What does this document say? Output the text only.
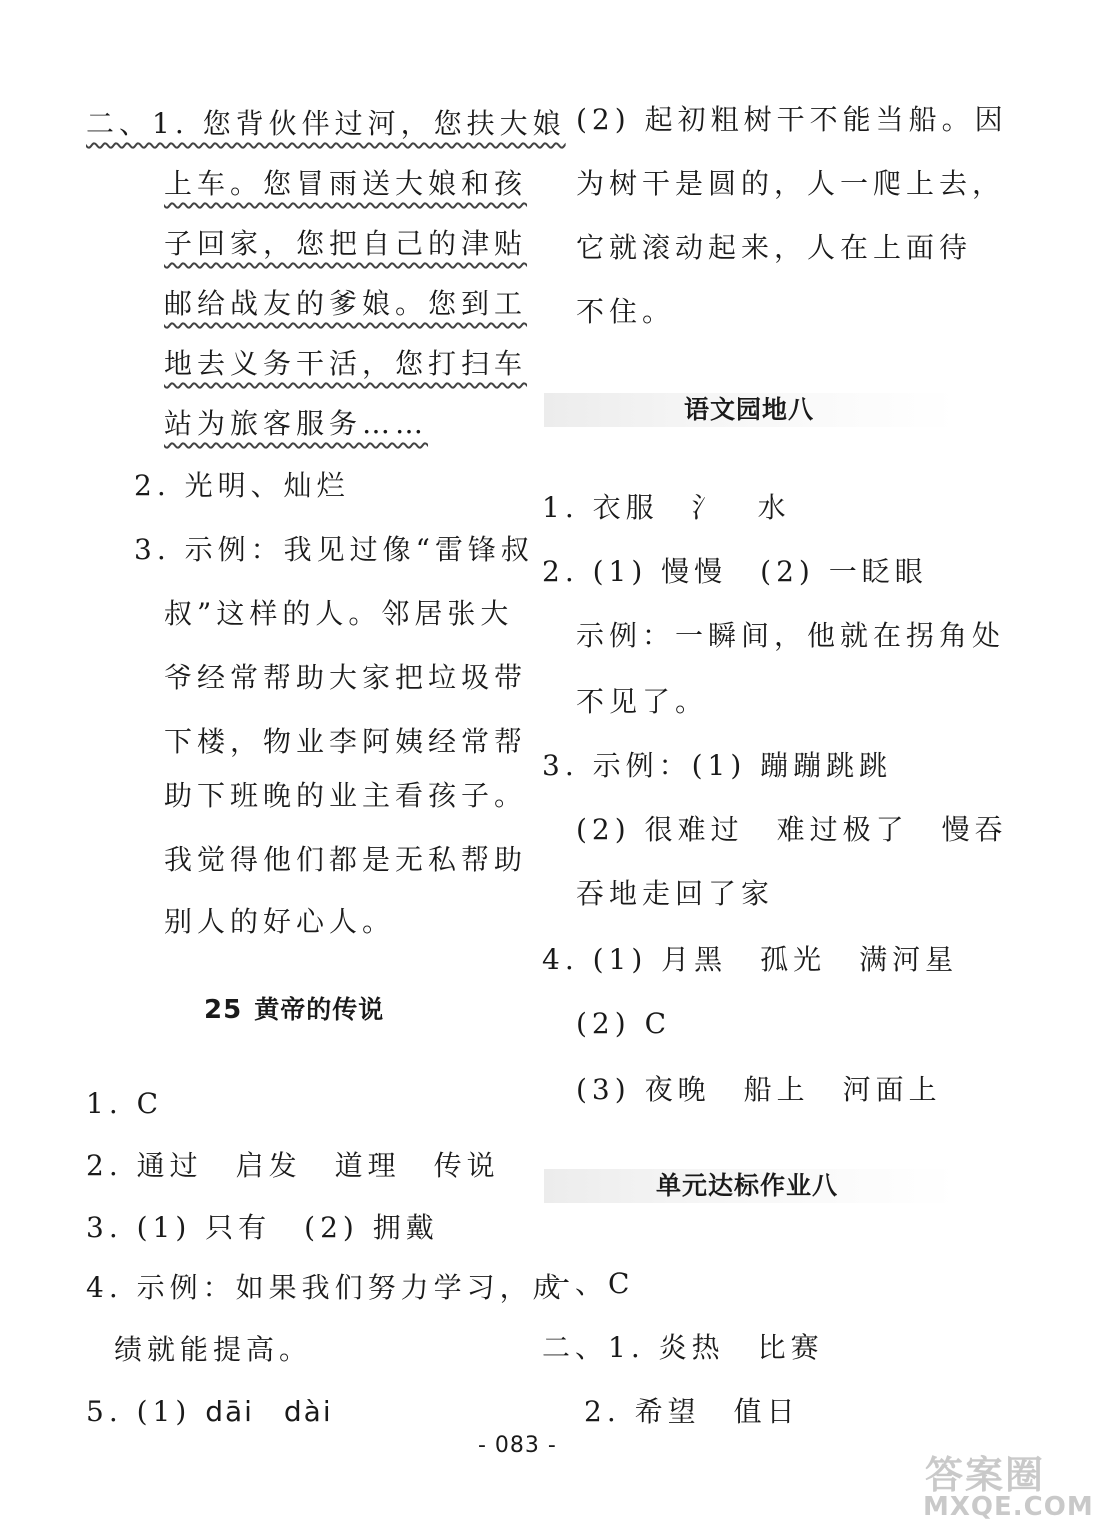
二、1. 您背伙伴过河，您扶大娘
上车。您冒雨送大娘和孩
子回家，您把自己的津贴
邮给战友的爹娘。您到工
地去义务干活，您打扫车
站为旅客服务……
2. 光明、灿烂
3. 示例：我见过像“雷锋叔
叔”这样的人。邻居张大
爷经常帮助大家把垃圾带
下楼，物业李阿姨经常帮
助下班晚的业主看孩子。
我觉得他们都是无私帮助
别人的好心人。
25 黄帝的传说
1. C
2. 通过　启发　道理　传说
3. (1) 只有　(2) 拥戴
4. 示例：如果我们努力学习，成
绩就能提高。
5. (1) dāi　dài
(2) 起初粗树干不能当船。因
为树干是圆的，人一爬上去，
它就滚动起来，人在上面待
不住。
语文园地八
1. 衣服　氵　水
2. (1) 慢慢　(2) 一眨眼
示例：一瞬间，他就在拐角处
不见了。
3. 示例：(1) 蹦蹦跳跳
(2) 很难过　难过极了　慢吞
吞地走回了家
4. (1) 月黑　孤光　满河星
(2) C
(3) 夜晚　船上　河面上
单元达标作业八
一、C
二、1. 炎热　比赛
2. 希望　值日
- 083 -
答案圈
MXQE.COM
